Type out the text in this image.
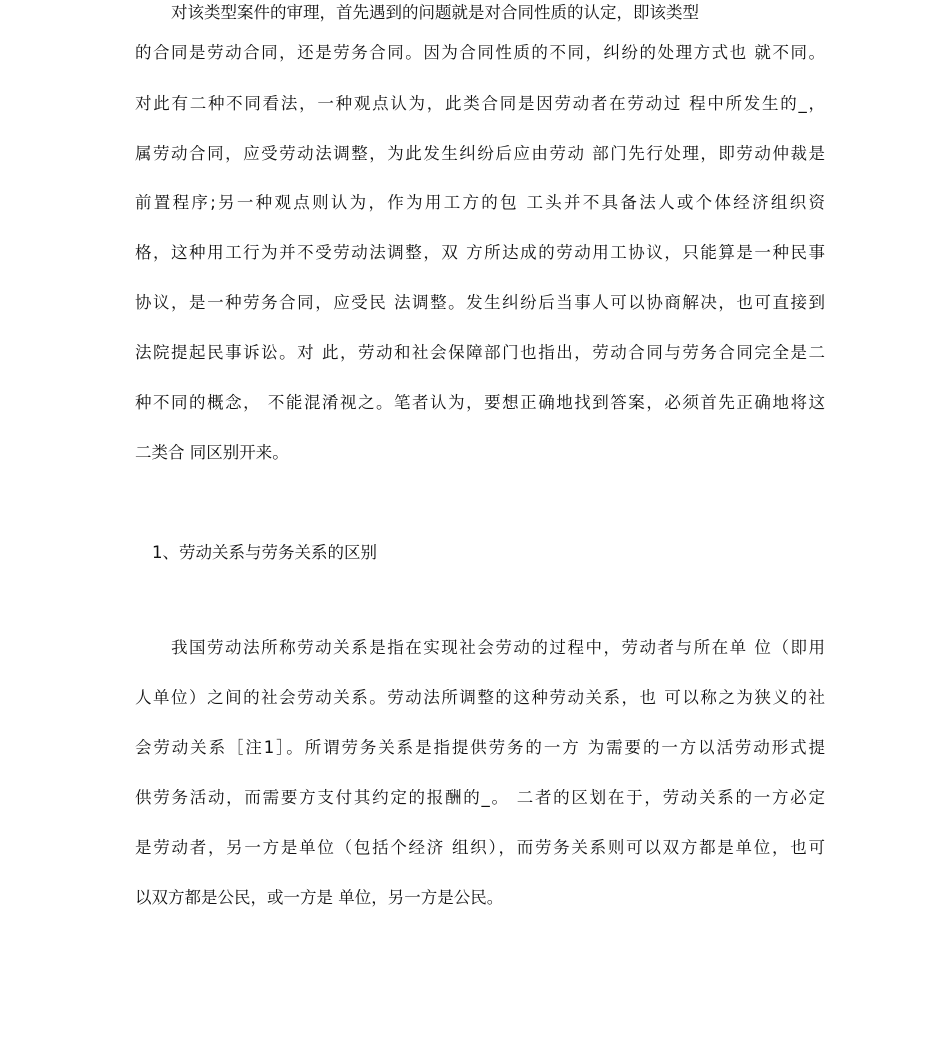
对该类型案件的审理，首先遇到的问题就是对合同性质的认定，即该类型
的合同是劳动合同，还是劳务合同。因为合同性质的不同，纠纷的处理方式也 就不同。
对此有二种不同看法，一种观点认为，此类合同是因劳动者在劳动过 程中所发生的_，
属劳动合同，应受劳动法调整，为此发生纠纷后应由劳动 部门先行处理，即劳动仲裁是
前置程序;另一种观点则认为，作为用工方的包 工头并不具备法人或个体经济组织资
格，这种用工行为并不受劳动法调整，双 方所达成的劳动用工协议，只能算是一种民事
协议，是一种劳务合同，应受民 法调整。发生纠纷后当事人可以协商解决，也可直接到
法院提起民事诉讼。对 此，劳动和社会保障部门也指出，劳动合同与劳务合同完全是二
种不同的概念， 不能混淆视之。笔者认为，要想正确地找到答案，必须首先正确地将这
二类合 同区别开来。
1、劳动关系与劳务关系的区别
我国劳动法所称劳动关系是指在实现社会劳动的过程中，劳动者与所在单 位（即用
人单位）之间的社会劳动关系。劳动法所调整的这种劳动关系，也 可以称之为狭义的社
会劳动关系［注1］。所谓劳务关系是指提供劳务的一方 为需要的一方以活劳动形式提
供劳务活动，而需要方支付其约定的报酬的_。 二者的区划在于，劳动关系的一方必定
是劳动者，另一方是单位（包括个经济 组织），而劳务关系则可以双方都是单位，也可
以双方都是公民，或一方是 单位，另一方是公民。
